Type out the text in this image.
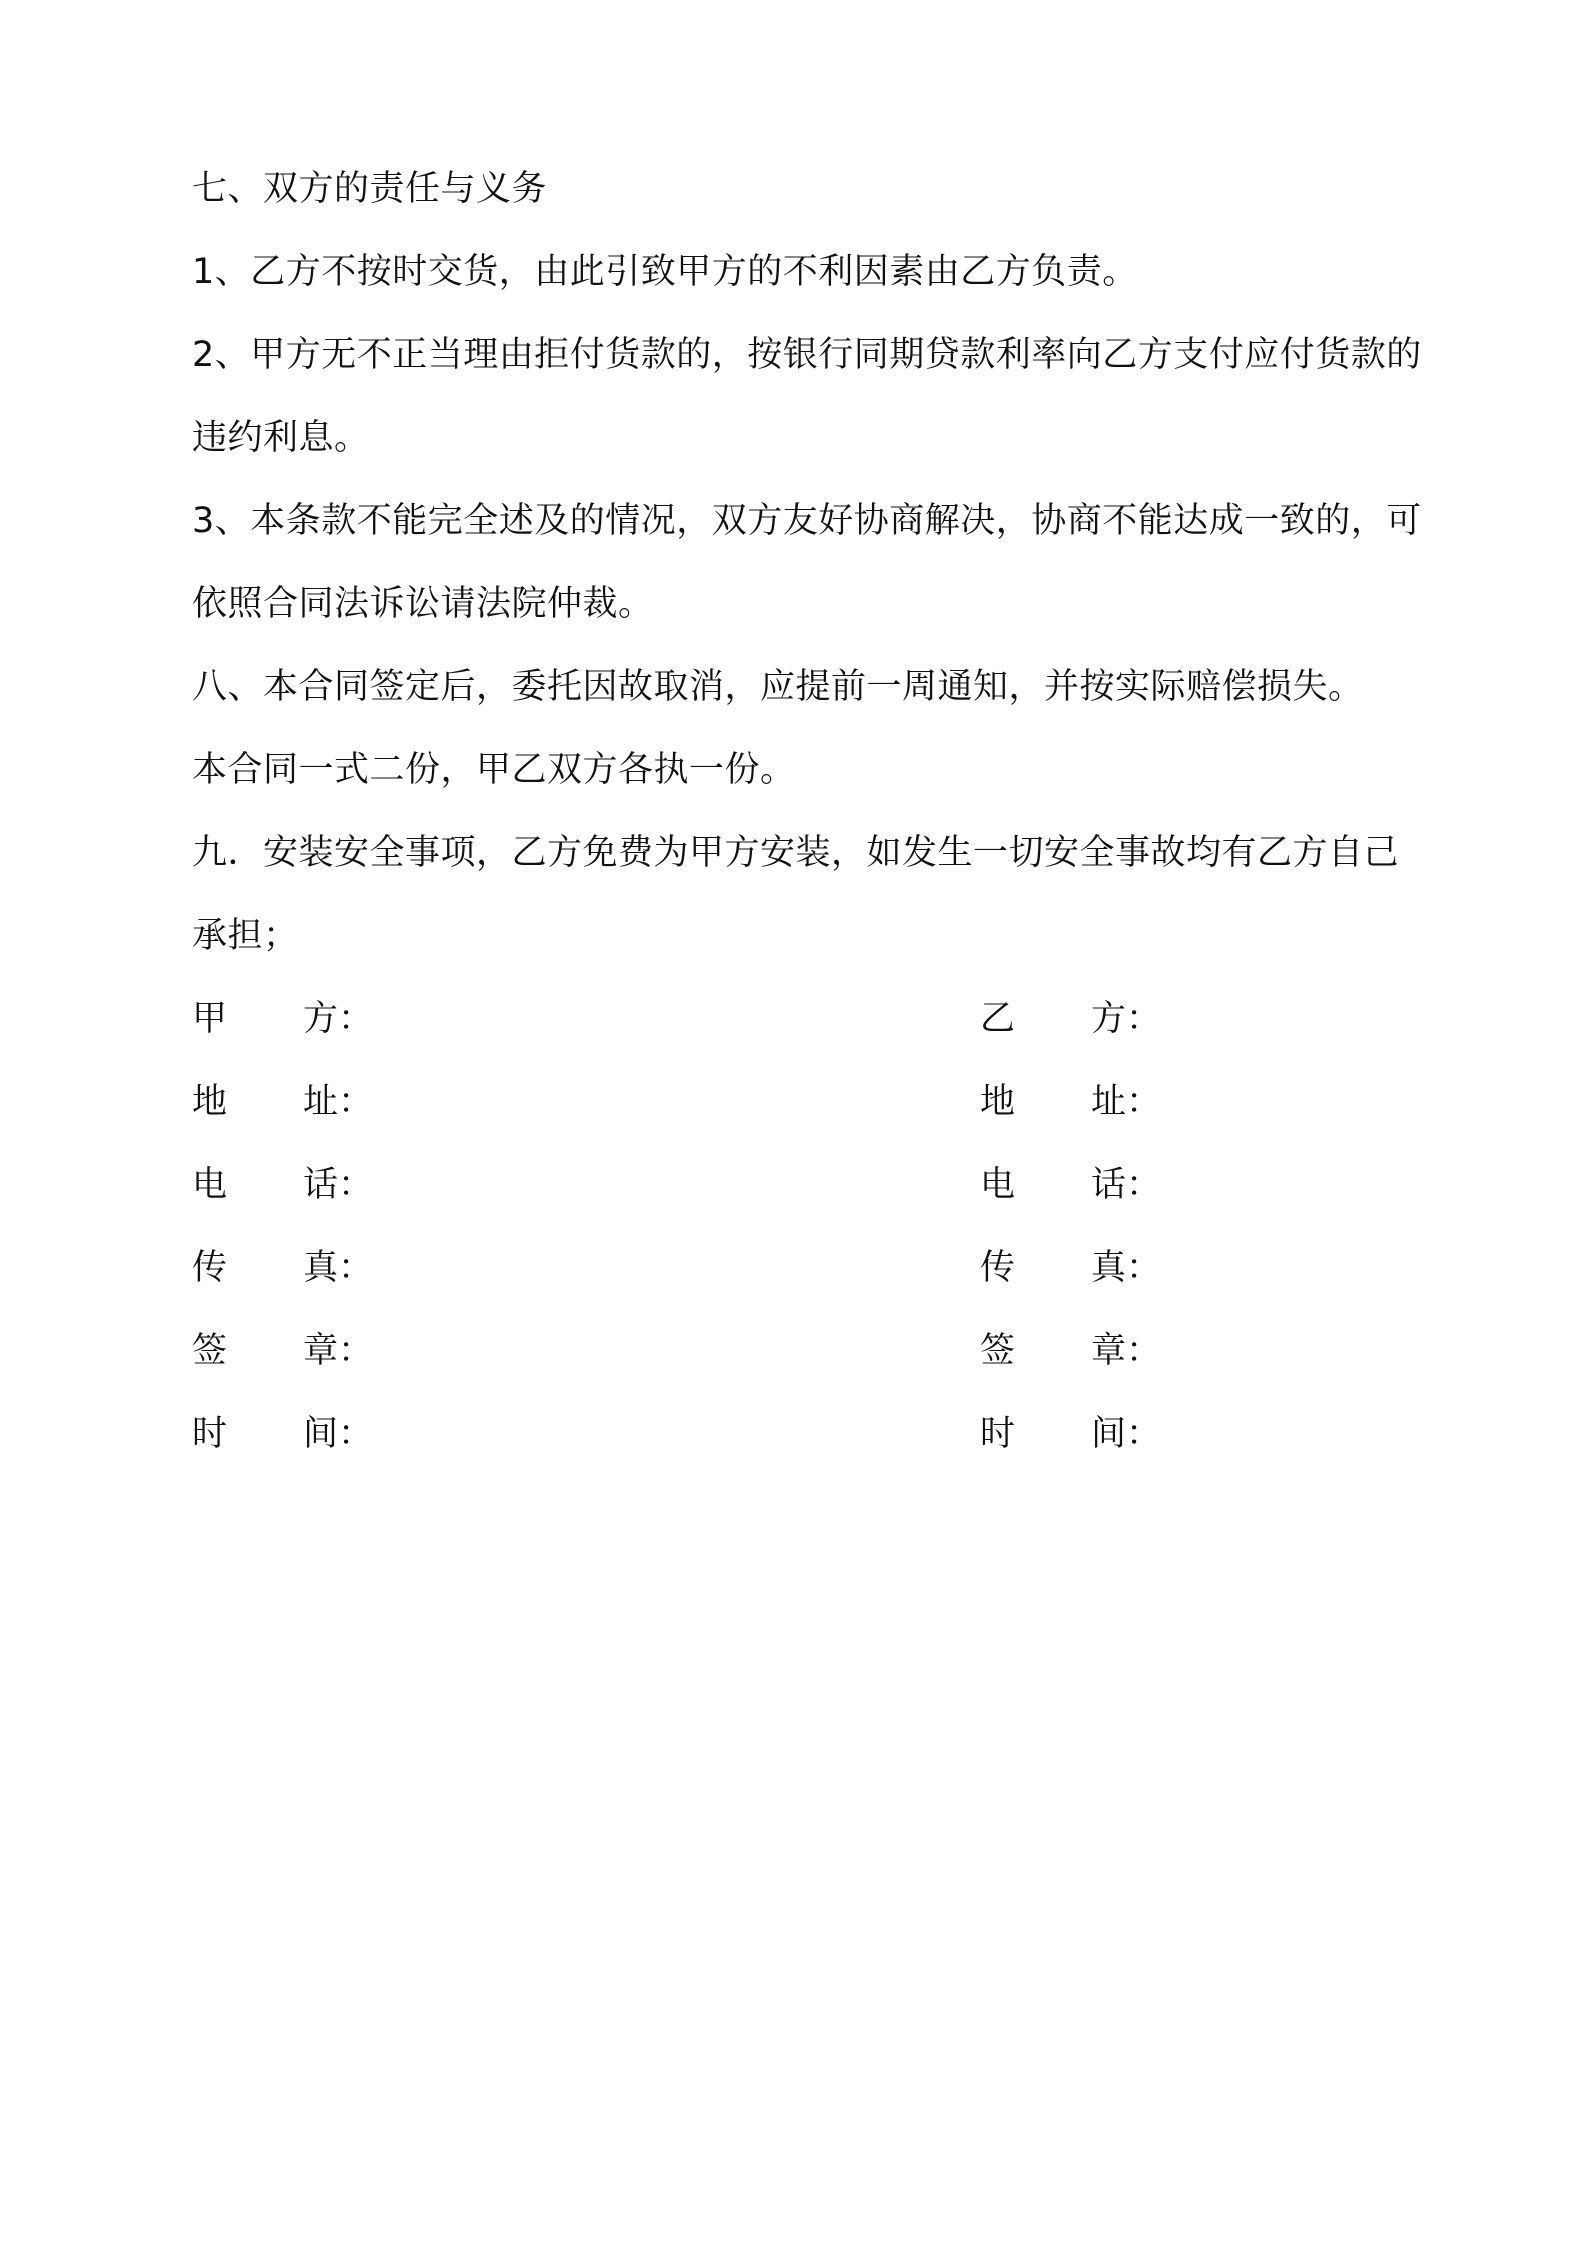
七、双方的责任与义务

1、乙方不按时交货，由此引致甲方的不利因素由乙方负责。

2、甲方无不正当理由拒付货款的，按银行同期贷款利率向乙方支付应付货款的违约利息。

3、本条款不能完全述及的情况，双方友好协商解决，协商不能达成一致的，可依照合同法诉讼请法院仲裁。

八、本合同签定后，委托因故取消，应提前一周通知，并按实际赔偿损失。

本合同一式二份，甲乙双方各执一份。

九．安装安全事项，乙方免费为甲方安装，如发生一切安全事故均有乙方自己承担；

甲 方：	乙 方：
地 址：	地 址：
电 话：	电 话：
传 真：	传 真：
签 章：	签 章：
时 间：	时 间：
